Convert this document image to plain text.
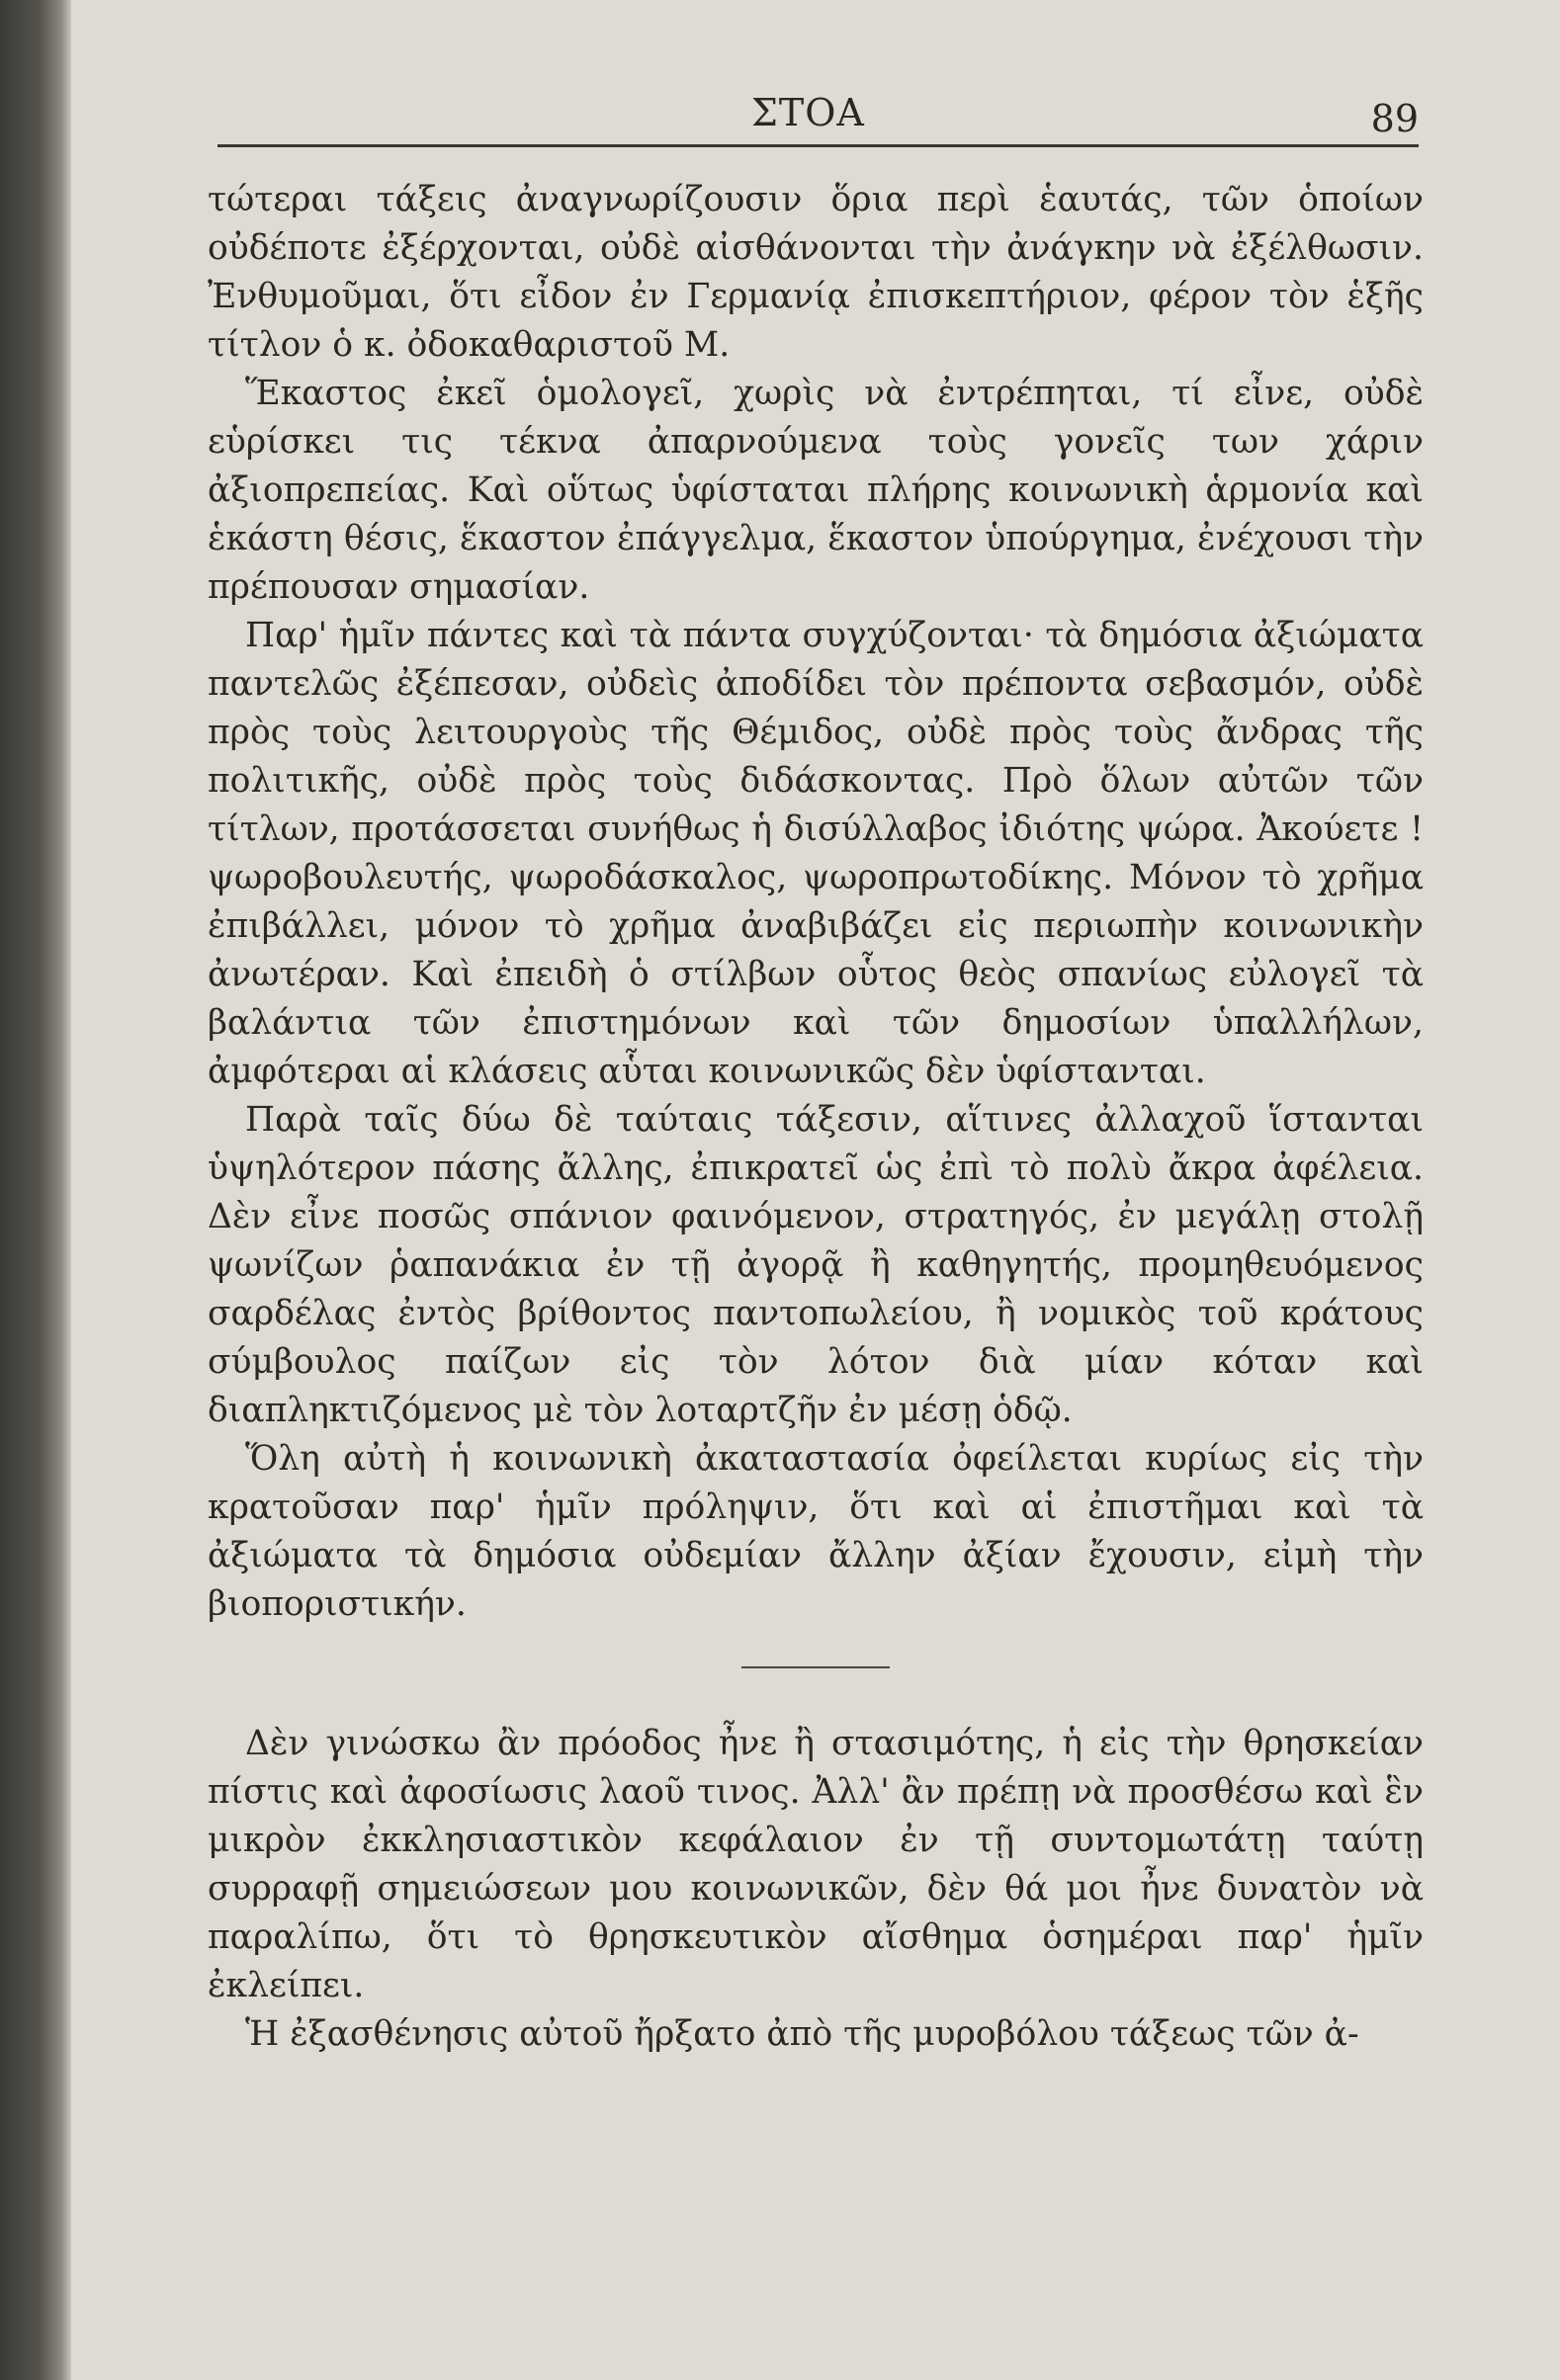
ΣΤΟΑ	89

τώτεραι τάξεις ἀναγνωρίζουσιν ὅρια περὶ ἑαυτάς, τῶν ὁποίων οὐδέποτε ἐξέρχονται, οὐδὲ αἰσθάνονται τὴν ἀνάγκην νὰ ἐξέλθωσιν. Ἐνθυμοῦμαι, ὅτι εἶδον ἐν Γερμανίᾳ ἐπισκεπτήριον, φέρον τὸν ἑξῆς τίτλον ὁ κ. ὀδοκαθαριστοῦ Μ.

Ἕκαστος ἐκεῖ ὁμολογεῖ, χωρὶς νὰ ἐντρέπηται, τί εἶνε, οὐδὲ εὑρίσκει τις τέκνα ἀπαρνούμενα τοὺς γονεῖς των χάριν ἀξιοπρεπείας. Καὶ οὕτως ὑφίσταται πλήρης κοινωνικὴ ἁρμονία καὶ ἑκάστη θέσις, ἕκαστον ἐπάγγελμα, ἕκαστον ὑπούργημα, ἐνέχουσι τὴν πρέπουσαν σημασίαν.

Παρ' ἡμῖν πάντες καὶ τὰ πάντα συγχύζονται· τὰ δημόσια ἀξιώματα παντελῶς ἐξέπεσαν, οὐδεὶς ἀποδίδει τὸν πρέποντα σεβασμόν, οὐδὲ πρὸς τοὺς λειτουργοὺς τῆς Θέμιδος, οὐδὲ πρὸς τοὺς ἄνδρας τῆς πολιτικῆς, οὐδὲ πρὸς τοὺς διδάσκοντας. Πρὸ ὅλων αὐτῶν τῶν τίτλων, προτάσσεται συνήθως ἡ δισύλλαβος ἰδιότης ψώρα. Ἀκούετε ! ψωροβουλευτής, ψωροδάσκαλος, ψωροπρωτοδίκης. Μόνον τὸ χρῆμα ἐπιβάλλει, μόνον τὸ χρῆμα ἀναβιβάζει εἰς περιωπὴν κοινωνικὴν ἀνωτέραν. Καὶ ἐπειδὴ ὁ στίλβων οὗτος θεὸς σπανίως εὐλογεῖ τὰ βαλάντια τῶν ἐπιστημόνων καὶ τῶν δημοσίων ὑπαλλήλων, ἀμφότεραι αἱ κλάσεις αὗται κοινωνικῶς δὲν ὑφίστανται.

Παρὰ ταῖς δύω δὲ ταύταις τάξεσιν, αἵτινες ἀλλαχοῦ ἵστανται ὑψηλότερον πάσης ἄλλης, ἐπικρατεῖ ὡς ἐπὶ τὸ πολὺ ἄκρα ἀφέλεια. Δὲν εἶνε ποσῶς σπάνιον φαινόμενον, στρατηγός, ἐν μεγάλῃ στολῇ ψωνίζων ῥαπανάκια ἐν τῇ ἀγορᾷ ἢ καθηγητής, προμηθευόμενος σαρδέλας ἐντὸς βρίθοντος παντοπωλείου, ἢ νομικὸς τοῦ κράτους σύμβουλος παίζων εἰς τὸν λότον διὰ μίαν κόταν καὶ διαπληκτιζόμενος μὲ τὸν λοταρτζῆν ἐν μέσῃ ὁδῷ.

Ὅλη αὐτὴ ἡ κοινωνικὴ ἀκαταστασία ὀφείλεται κυρίως εἰς τὴν κρατοῦσαν παρ' ἡμῖν πρόληψιν, ὅτι καὶ αἱ ἐπιστῆμαι καὶ τὰ ἀξιώματα τὰ δημόσια οὐδεμίαν ἄλλην ἀξίαν ἔχουσιν, εἰμὴ τὴν βιοποριστικήν.

Δὲν γινώσκω ἂν πρόοδος ἦνε ἢ στασιμότης, ἡ εἰς τὴν θρησκείαν πίστις καὶ ἀφοσίωσις λαοῦ τινος. Ἀλλ' ἂν πρέπῃ νὰ προσθέσω καὶ ἓν μικρὸν ἐκκλησιαστικὸν κεφάλαιον ἐν τῇ συντομωτάτῃ ταύτῃ συρραφῇ σημειώσεων μου κοινωνικῶν, δὲν θά μοι ἦνε δυνατὸν νὰ παραλίπω, ὅτι τὸ θρησκευτικὸν αἴσθημα ὁσημέραι παρ' ἡμῖν ἐκλείπει.

Ἡ ἐξασθένησις αὐτοῦ ἤρξατο ἀπὸ τῆς μυροβόλου τάξεως τῶν ἀ-
